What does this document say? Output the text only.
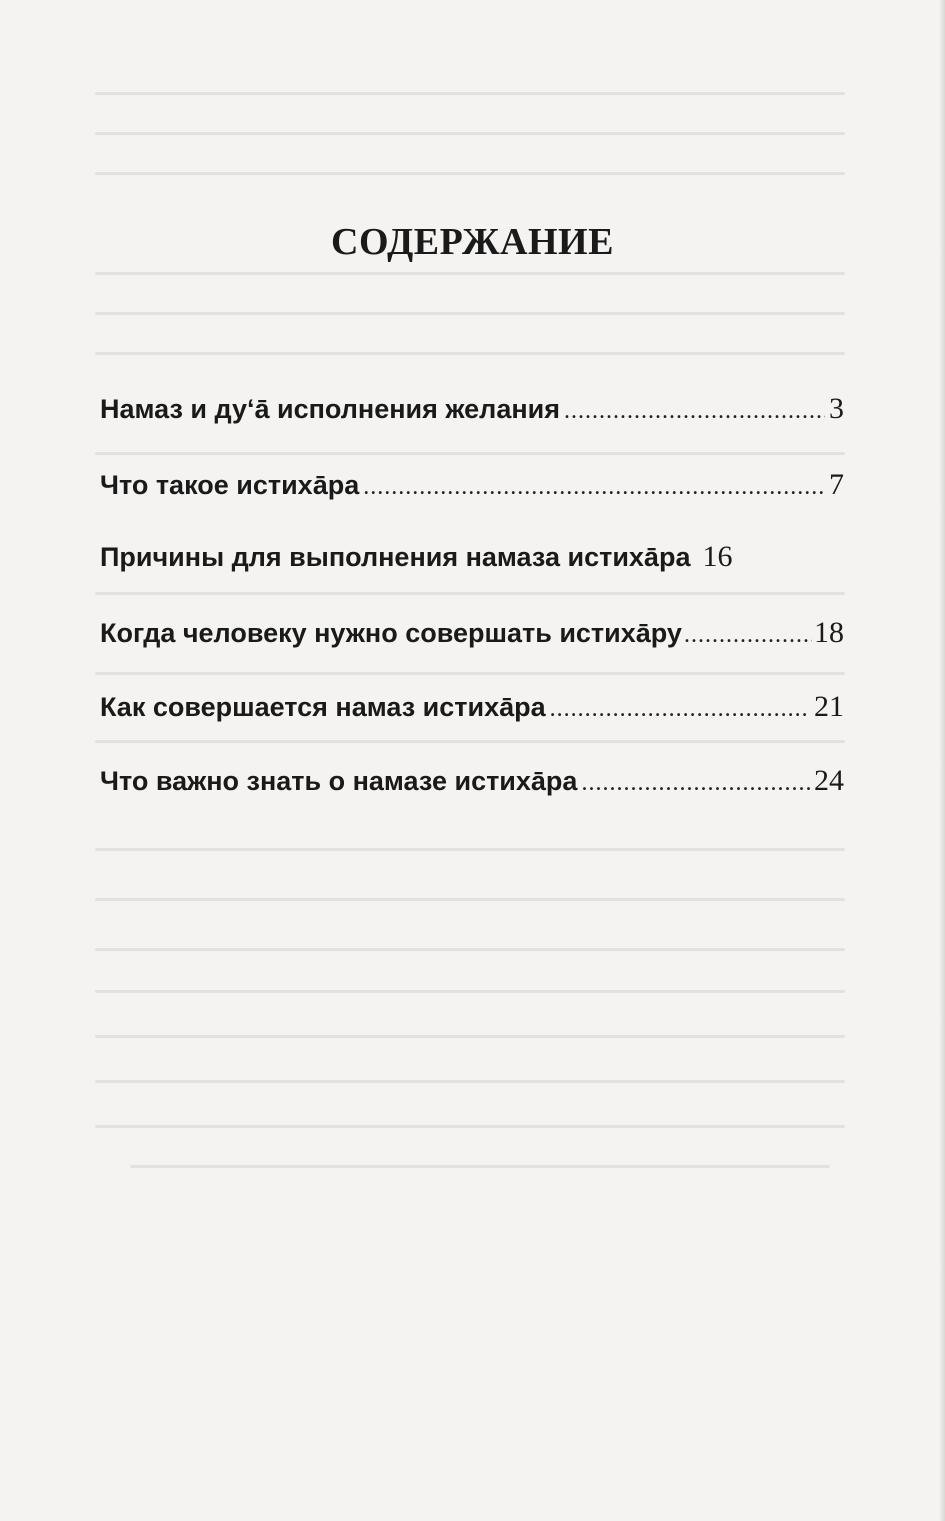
СОДЕРЖАНИЕ
Намаз и дуʻā исполнения желания .....	3
Что такое истихāра .....	7
Причины для выполнения намаза истихāра 16
Когда человеку нужно совершать истихāру .....	18
Как совершается намаз истихāра .....	21
Что важно знать о намазе истихāра .....	24
